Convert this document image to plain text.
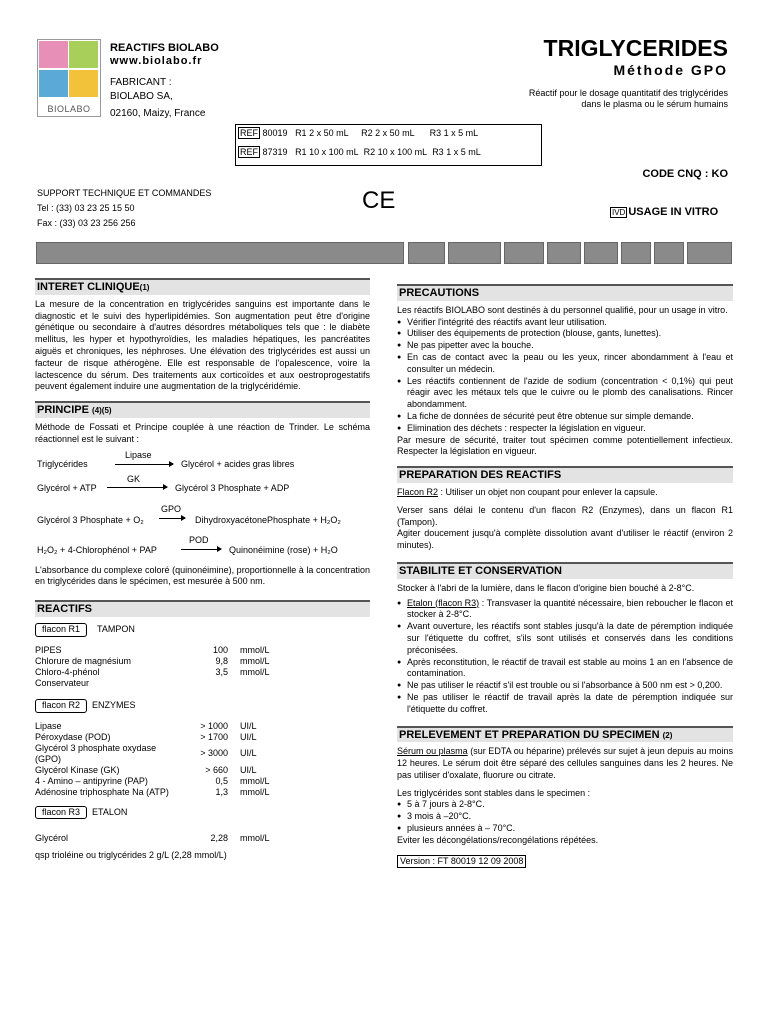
BIOLABO
REACTIFS BIOLABO
www.biolabo.fr
FABRICANT :
BIOLABO SA,
02160, Maizy, France
TRIGLYCERIDES
Méthode GPO
Réactif pour le dosage quantitatif des triglycérides
dans le plasma ou le sérum humains
REF 80019 R1 2 x 50 mL R2 2 x 50 mL R3 1 x 5 mL
REF 87319 R1 10 x 100 mL R2 10 x 100 mL R3 1 x 5 mL
CODE CNQ : KO
SUPPORT TECHNIQUE ET COMMANDES
Tel : (33) 03 23 25 15 50
Fax : (33) 03 23 256 256
CE	IVD USAGE IN VITRO
INTERET CLINIQUE(1)

La mesure de la concentration en triglycérides sanguins est importante dans le diagnostic et le suivi des hyperlipidémies. Son augmentation peut être d'origine génétique ou secondaire à d'autres désordres métaboliques tels que : le diabète mellitus, les hyper et hypothyroïdies, les maladies hépatiques, les pancréatites aiguës et chroniques, les néphroses. Une élévation des triglycérides est aussi un facteur de risque athérogène. Elle est responsable de l'opalescence, voire la lactescence du sérum. Des traitements aux corticoïdes et aux oestroprogestatifs peuvent également induire une augmentation de la triglycéridémie.

PRINCIPE (4)(5)

Méthode de Fossati et Principe couplée à une réaction de Trinder. Le schéma réactionnel est le suivant :

Triglycérides
Lipase
Glycérol + acides gras libres
Glycérol + ATP
GK
Glycérol 3 Phosphate + ADP
Glycérol 3 Phosphate + O₂
GPO
→ DihydroxyacétonePhosphate + H₂O₂
H₂O₂ + 4-Chlorophénol + PAP
POD
Quinonéimine (rose) + H₂O

L'absorbance du complexe coloré (quinonéimine), proportionnelle à la concentration en triglycérides dans le spécimen, est mesurée à 500 nm.

REACTIFS
flacon R1 TAMPON
PIPES	100	mmol/L
Chlorure de magnésium	9,8	mmol/L
Chloro-4-phénol	3,5	mmol/L
Conservateur		
flacon R2 ENZYMES
Lipase	> 1000	UI/L
Péroxydase (POD)	> 1700	UI/L
Glycérol 3 phosphate oxydase (GPO)	> 3000	UI/L
Glycérol Kinase (GK)	> 660	UI/L
4 - Amino – antipyrine (PAP)	0,5	mmol/L
Adénosine triphosphate Na (ATP)	1,3	mmol/L
flacon R3 ETALON
Glycérol	2,28	mmol/L
qsp trioléine ou triglycérides 2 g/L (2,28 mmol/L)
PRECAUTIONS

Les réactifs BIOLABO sont destinés à du personnel qualifié, pour un usage in vitro.

● Vérifier l'intégrité des réactifs avant leur utilisation.
● Utiliser des équipements de protection (blouse, gants, lunettes).
● Ne pas pipetter avec la bouche.
● En cas de contact avec la peau ou les yeux, rincer abondamment à l'eau et consulter un médecin.
● Les réactifs contiennent de l'azide de sodium (concentration < 0,1%) qui peut réagir avec les métaux tels que le cuivre ou le plomb des canalisations. Rincer abondamment.
● La fiche de données de sécurité peut être obtenue sur simple demande.
● Elimination des déchets : respecter la législation en vigueur.

Par mesure de sécurité, traiter tout spécimen comme potentiellement infectieux. Respecter la législation en vigueur.

PREPARATION DES REACTIFS

Flacon R2 : Utiliser un objet non coupant pour enlever la capsule.

Verser sans délai le contenu d'un flacon R2 (Enzymes), dans un flacon R1 (Tampon).

Agiter doucement jusqu'à complète dissolution avant d'utiliser le réactif (environ 2 minutes).

STABILITE ET CONSERVATION

Stocker à l'abri de la lumière, dans le flacon d'origine bien bouché à 2-8°C.

● Etalon (flacon R3) : Transvaser la quantité nécessaire, bien reboucher le flacon et stocker à 2-8°C.
● Avant ouverture, les réactifs sont stables jusqu'à la date de péremption indiquée sur l'étiquette du coffret, s'ils sont utilisés et conservés dans les conditions préconisées.
● Après reconstitution, le réactif de travail est stable au moins 1 an en l'absence de contamination.
● Ne pas utiliser le réactif s'il est trouble ou si l'absorbance à 500 nm est > 0,200.
● Ne pas utiliser le réactif de travail après la date de péremption indiquée sur l'étiquette du coffret.
PRELEVEMENT ET PREPARATION DU SPECIMEN (2)

Sérum ou plasma (sur EDTA ou héparine) prélevés sur sujet à jeun depuis au moins 12 heures. Le sérum doit être séparé des cellules sanguines dans les 2 heures. Ne pas utiliser d'oxalate, fluorure ou citrate.

Les triglycérides sont stables dans le specimen :

● 5 à 7 jours à 2-8°C.
● 3 mois à –20°C.
● plusieurs années à – 70°C.

Eviter les décongélations/recongélations répétées.

Version : FT 80019 12 09 2008
